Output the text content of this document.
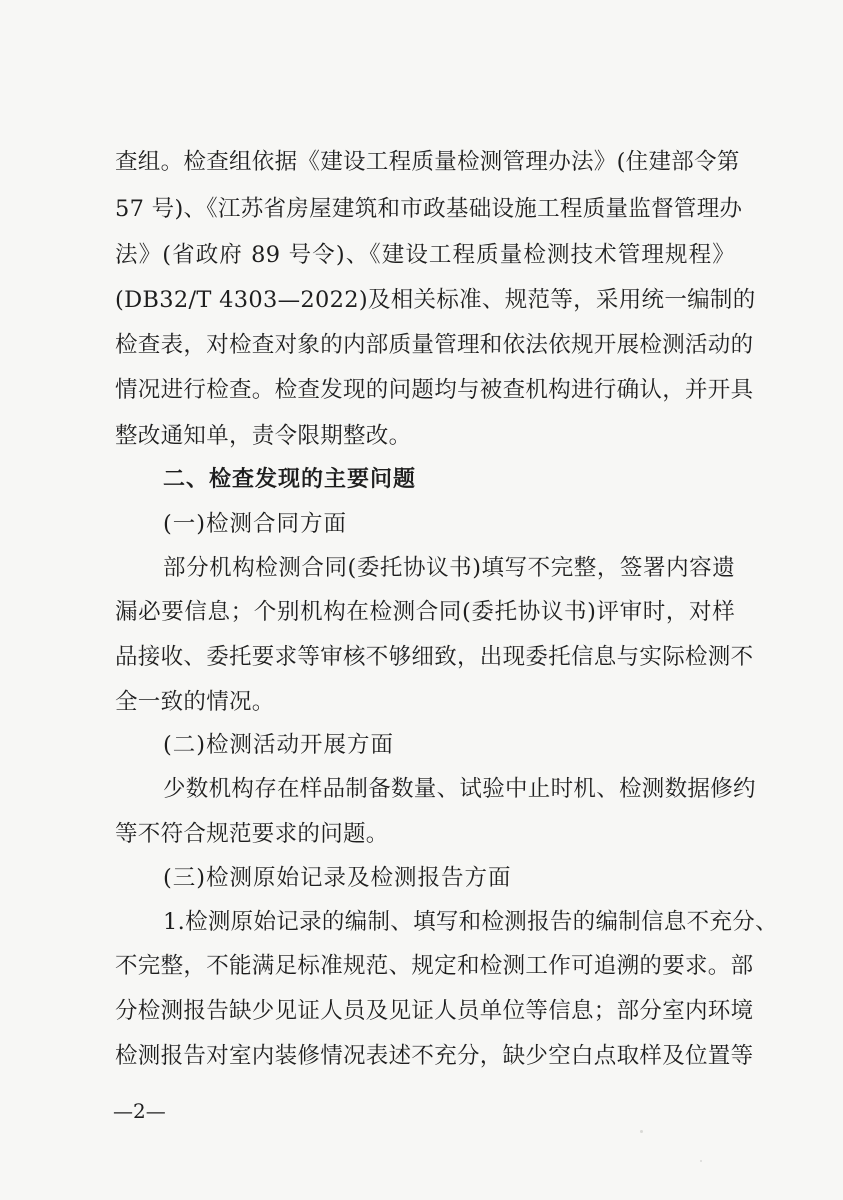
查组。检查组依据《建设工程质量检测管理办法》(住建部令第
57 号)、《江苏省房屋建筑和市政基础设施工程质量监督管理办
法》(省政府 89 号令)、《建设工程质量检测技术管理规程》
(DB32/T 4303—2022)及相关标准、规范等，采用统一编制的
检查表，对检查对象的内部质量管理和依法依规开展检测活动的
情况进行检查。检查发现的问题均与被查机构进行确认，并开具
整改通知单，责令限期整改。
二、检查发现的主要问题
(一)检测合同方面
部分机构检测合同(委托协议书)填写不完整，签署内容遗
漏必要信息；个别机构在检测合同(委托协议书)评审时，对样
品接收、委托要求等审核不够细致，出现委托信息与实际检测不
全一致的情况。
(二)检测活动开展方面
少数机构存在样品制备数量、试验中止时机、检测数据修约
等不符合规范要求的问题。
(三)检测原始记录及检测报告方面
1.检测原始记录的编制、填写和检测报告的编制信息不充分、
不完整，不能满足标准规范、规定和检测工作可追溯的要求。部
分检测报告缺少见证人员及见证人员单位等信息；部分室内环境
检测报告对室内装修情况表述不充分，缺少空白点取样及位置等
—2—
